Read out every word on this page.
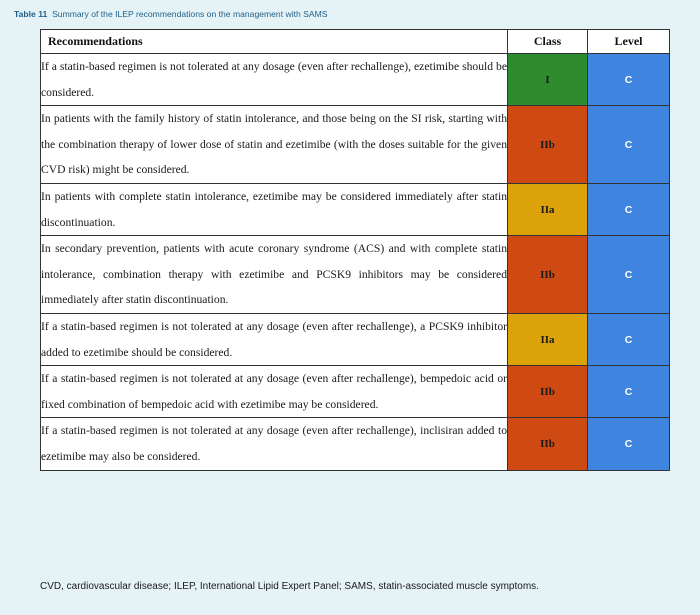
Table 11 Summary of the ILEP recommendations on the management with SAMS
Recommendations	Class	Level
If a statin-based regimen is not tolerated at any dosage (even after rechallenge), ezetimibe should be considered.	I	C
In patients with the family history of statin intolerance, and those being on the SI risk, starting with the combination therapy of lower dose of statin and ezetimibe (with the doses suitable for the given CVD risk) might be considered.	IIb	C
In patients with complete statin intolerance, ezetimibe may be considered immediately after statin discontinuation.	IIa	C
In secondary prevention, patients with acute coronary syndrome (ACS) and with complete statin intolerance, combination therapy with ezetimibe and PCSK9 inhibitors may be considered immediately after statin discontinuation.	IIb	C
If a statin-based regimen is not tolerated at any dosage (even after rechallenge), a PCSK9 inhibitor added to ezetimibe should be considered.	IIa	C
If a statin-based regimen is not tolerated at any dosage (even after rechallenge), bempedoic acid or fixed combination of bempedoic acid with ezetimibe may be considered.	IIb	C
If a statin-based regimen is not tolerated at any dosage (even after rechallenge), inclisiran added to ezetimibe may also be considered.	IIb	C
CVD, cardiovascular disease; ILEP, International Lipid Expert Panel; SAMS, statin-associated muscle symptoms.
